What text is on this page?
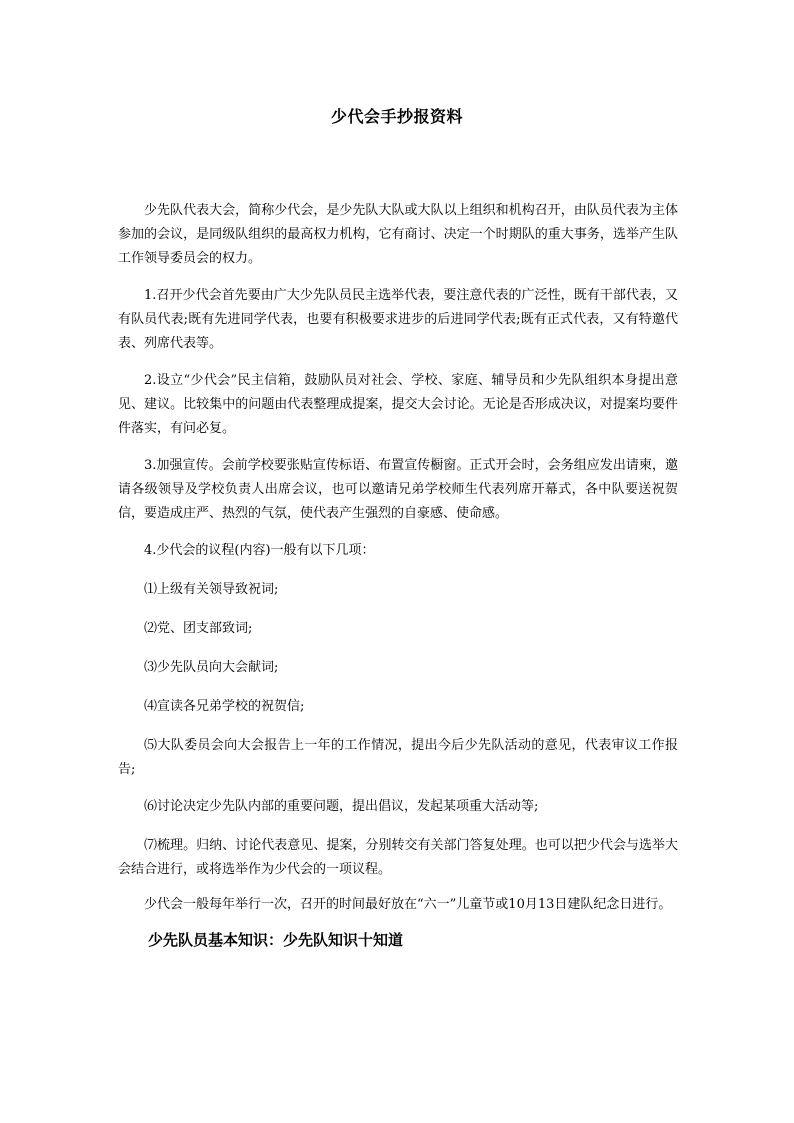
少代会手抄报资料

少先队代表大会，简称少代会，是少先队大队或大队以上组织和机构召开，由队员代表为主体参加的会议，是同级队组织的最高权力机构，它有商讨、决定一个时期队的重大事务，选举产生队工作领导委员会的权力。

1.召开少代会首先要由广大少先队员民主选举代表，要注意代表的广泛性，既有干部代表，又有队员代表;既有先进同学代表，也要有积极要求进步的后进同学代表;既有正式代表，又有特邀代表、列席代表等。

2.设立“少代会”民主信箱，鼓励队员对社会、学校、家庭、辅导员和少先队组织本身提出意见、建议。比较集中的问题由代表整理成提案，提交大会讨论。无论是否形成决议，对提案均要件件落实，有问必复。

3.加强宣传。会前学校要张贴宣传标语、布置宣传橱窗。正式开会时，会务组应发出请柬，邀请各级领导及学校负责人出席会议，也可以邀请兄弟学校师生代表列席开幕式，各中队要送祝贺信，要造成庄严、热烈的气氛，使代表产生强烈的自豪感、使命感。

4.少代会的议程(内容)一般有以下几项：

⑴上级有关领导致祝词;

⑵党、团支部致词;

⑶少先队员向大会献词;

⑷宣读各兄弟学校的祝贺信;

⑸大队委员会向大会报告上一年的工作情况，提出今后少先队活动的意见，代表审议工作报告;

⑹讨论决定少先队内部的重要问题，提出倡议，发起某项重大活动等;

⑺梳理。归纳、讨论代表意见、提案，分别转交有关部门答复处理。也可以把少代会与选举大会结合进行，或将选举作为少代会的一项议程。

少代会一般每年举行一次，召开的时间最好放在“六一”儿童节或10月13日建队纪念日进行。

少先队员基本知识：少先队知识十知道
